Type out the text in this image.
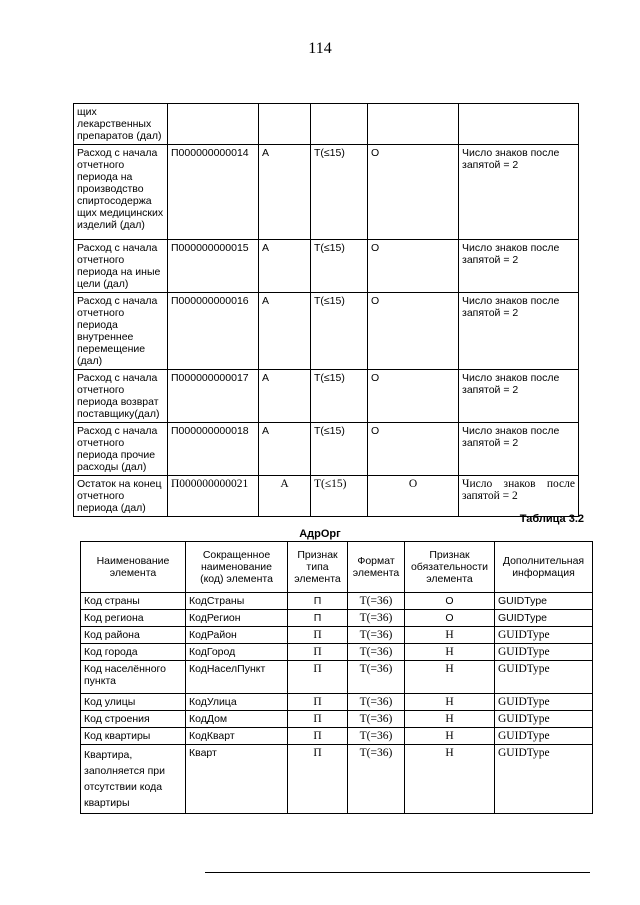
114
щих лекарственных препаратов (дал)					
Расход с начала отчетного периода на производство спиртосодержа щих медицинских изделий (дал)	П000000000014	А	Т(≤15)	О	Число знаков после запятой = 2
Расход с начала отчетного периода на иные цели (дал)	П000000000015	А	Т(≤15)	О	Число знаков после запятой = 2
Расход с начала отчетного периода внутреннее перемещение (дал)	П000000000016	А	Т(≤15)	О	Число знаков после запятой = 2
Расход с начала отчетного периода возврат поставщику(дал)	П000000000017	А	Т(≤15)	О	Число знаков после запятой = 2
Расход с начала отчетного периода прочие расходы (дал)	П000000000018	А	Т(≤15)	О	Число знаков после запятой = 2
Остаток на конец отчетного периода (дал)	П000000000021	А	Т(≤15)	О	Число знаков после запятой = 2
Таблица 3.2
АдрОрг
Наименование элемента	Сокращенное наименование (код) элемента	Признак типа элемента	Формат элемента	Признак обязательности элемента	Дополнительная информация
Код страны	КодСтраны	П	Т(=36)	О	GUIDType
Код региона	КодРегион	П	Т(=36)	О	GUIDType
Код района	КодРайон	П	Т(=36)	Н	GUIDType
Код города	КодГород	П	Т(=36)	Н	GUIDType
Код населённого пункта	КодНаселПункт	П	Т(=36)	Н	GUIDType
Код улицы	КодУлица	П	Т(=36)	Н	GUIDType
Код строения	КодДом	П	Т(=36)	Н	GUIDType
Код квартиры	КодКварт	П	Т(=36)	Н	GUIDType
Квартира, заполняется при отсутствии кода квартиры	Кварт	П	Т(=36)	Н	GUIDType
